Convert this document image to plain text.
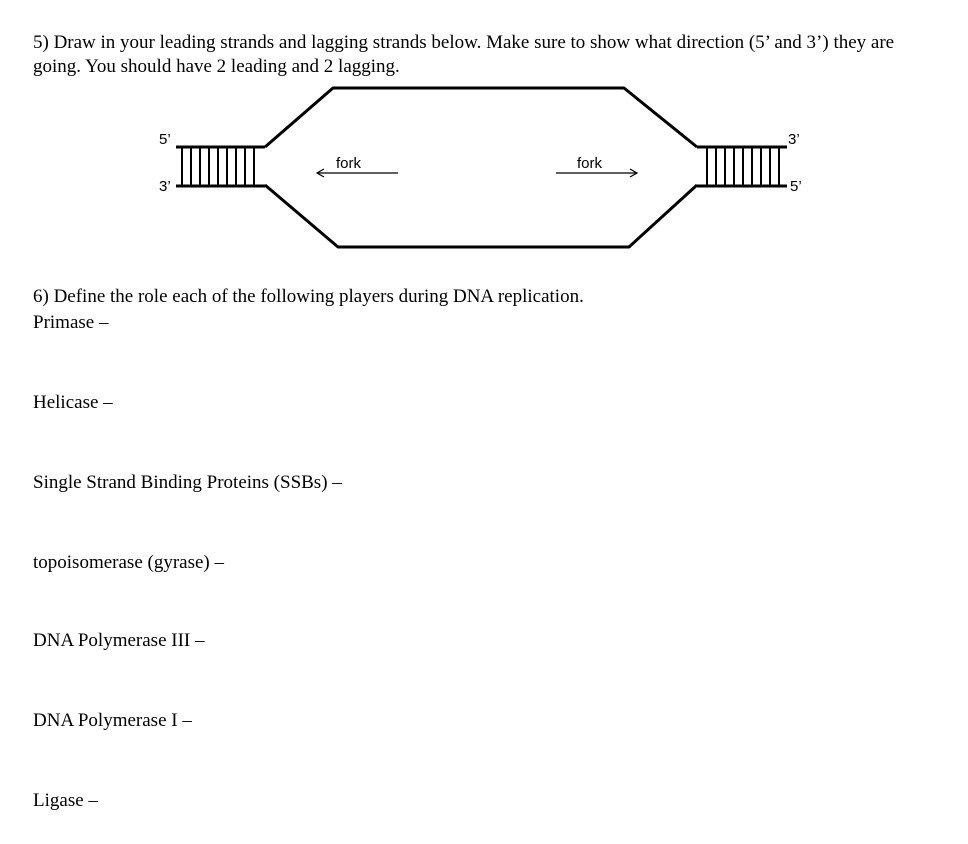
5) Draw in your leading strands and lagging strands below. Make sure to show what direction (5’ and 3’) they are going. You should have 2 leading and 2 lagging.
5’
3’
3’
5’
fork	fork
6) Define the role each of the following players during DNA replication.
Primase –
Helicase –
Single Strand Binding Proteins (SSBs) –
topoisomerase (gyrase) –
DNA Polymerase III –
DNA Polymerase I –
Ligase –
